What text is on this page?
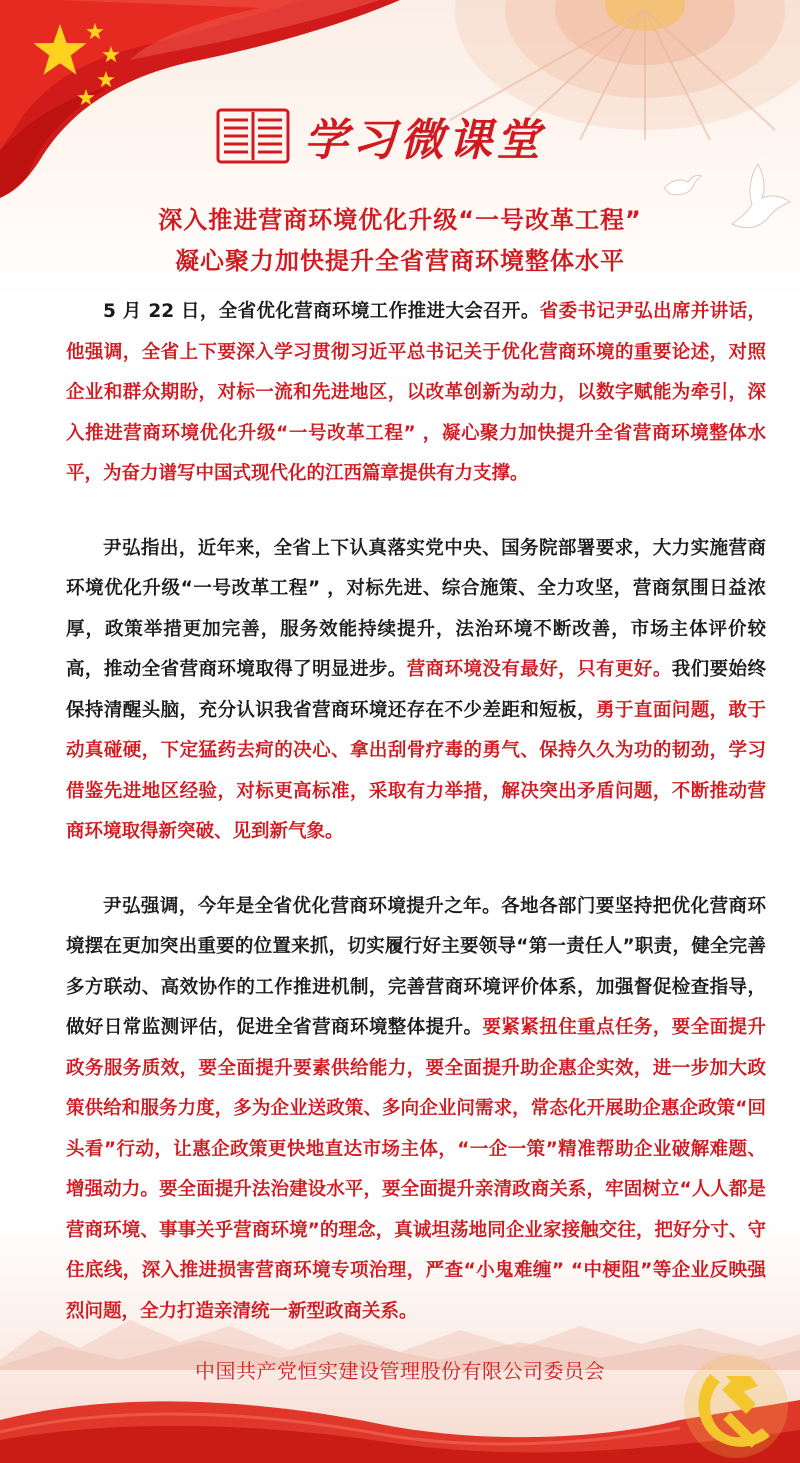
学习微课堂
深入推进营商环境优化升级“一号改革工程”
凝心聚力加快提升全省营商环境整体水平

5 月 22 日，全省优化营商环境工作推进大会召开。省委书记尹弘出席并讲话，他强调，全省上下要深入学习贯彻习近平总书记关于优化营商环境的重要论述，对照企业和群众期盼，对标一流和先进地区，以改革创新为动力，以数字赋能为牵引，深入推进营商环境优化升级“一号改革工程” ，凝心聚力加快提升全省营商环境整体水平，为奋力谱写中国式现代化的江西篇章提供有力支撑。

尹弘指出，近年来，全省上下认真落实党中央、国务院部署要求，大力实施营商环境优化升级“一号改革工程” ，对标先进、综合施策、全力攻坚，营商氛围日益浓厚，政策举措更加完善，服务效能持续提升，法治环境不断改善，市场主体评价较高，推动全省营商环境取得了明显进步。营商环境没有最好，只有更好。我们要始终保持清醒头脑，充分认识我省营商环境还存在不少差距和短板，勇于直面问题，敢于动真碰硬，下定猛药去疴的决心、拿出刮骨疗毒的勇气、保持久久为功的韧劲，学习借鉴先进地区经验，对标更高标准，采取有力举措，解决突出矛盾问题，不断推动营商环境取得新突破、见到新气象。

尹弘强调，今年是全省优化营商环境提升之年。各地各部门要坚持把优化营商环境摆在更加突出重要的位置来抓，切实履行好主要领导“第一责任人”职责，健全完善多方联动、高效协作的工作推进机制，完善营商环境评价体系，加强督促检查指导，做好日常监测评估，促进全省营商环境整体提升。要紧紧扭住重点任务，要全面提升政务服务质效，要全面提升要素供给能力，要全面提升助企惠企实效，进一步加大政策供给和服务力度，多为企业送政策、多向企业问需求，常态化开展助企惠企政策“回头看”行动，让惠企政策更快地直达市场主体，“一企一策”精准帮助企业破解难题、增强动力。要全面提升法治建设水平，要全面提升亲清政商关系，牢固树立“人人都是营商环境、事事关乎营商环境”的理念，真诚坦荡地同企业家接触交往，把好分寸、守住底线，深入推进损害营商环境专项治理，严查“小鬼难缠” “中梗阻”等企业反映强烈问题，全力打造亲清统一新型政商关系。

中国共产党恒实建设管理股份有限公司委员会
